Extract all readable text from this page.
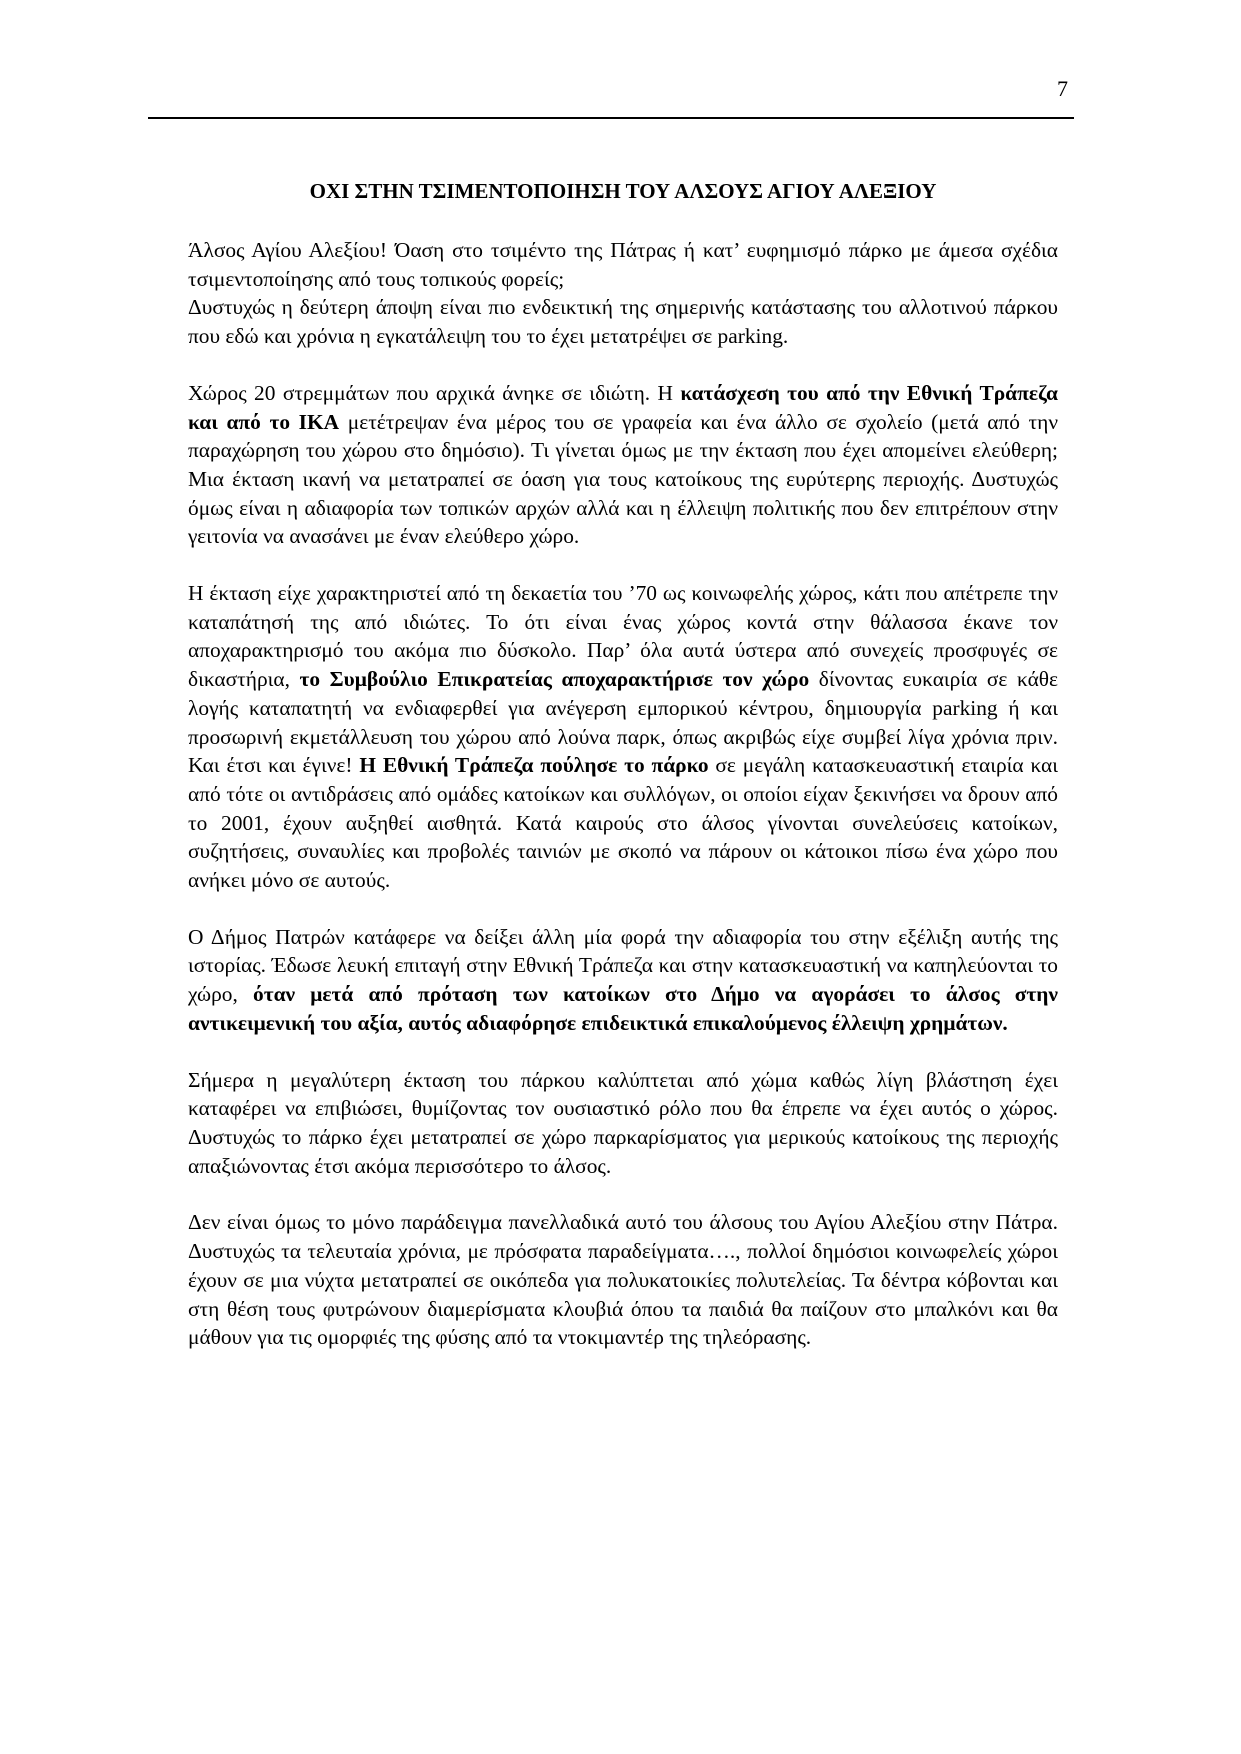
7
ΟΧΙ ΣΤΗΝ ΤΣΙΜΕΝΤΟΠΟΙΗΣΗ ΤΟΥ ΑΛΣΟΥΣ ΑΓΙΟΥ ΑΛΕΞΙΟΥ

Άλσος Αγίου Αλεξίου! Όαση στο τσιμέντο της Πάτρας ή κατ’ ευφημισμό πάρκο με άμεσα σχέδια τσιμεντοποίησης από τους τοπικούς φορείς;

Δυστυχώς η δεύτερη άποψη είναι πιο ενδεικτική της σημερινής κατάστασης του αλλοτινού πάρκου που εδώ και χρόνια η εγκατάλειψη του το έχει μετατρέψει σε parking.

Χώρος 20 στρεμμάτων που αρχικά άνηκε σε ιδιώτη. Η κατάσχεση του από την Εθνική Τράπεζα και από το ΙΚΑ μετέτρεψαν ένα μέρος του σε γραφεία και ένα άλλο σε σχολείο (μετά από την παραχώρηση του χώρου στο δημόσιο). Τι γίνεται όμως με την έκταση που έχει απομείνει ελεύθερη; Μια έκταση ικανή να μετατραπεί σε όαση για τους κατοίκους της ευρύτερης περιοχής. Δυστυχώς όμως είναι η αδιαφορία των τοπικών αρχών αλλά και η έλλειψη πολιτικής που δεν επιτρέπουν στην γειτονία να ανασάνει με έναν ελεύθερο χώρο.

Η έκταση είχε χαρακτηριστεί από τη δεκαετία του ’70 ως κοινωφελής χώρος, κάτι που απέτρεπε την καταπάτησή της από ιδιώτες. Το ότι είναι ένας χώρος κοντά στην θάλασσα έκανε τον αποχαρακτηρισμό του ακόμα πιο δύσκολο. Παρ’ όλα αυτά ύστερα από συνεχείς προσφυγές σε δικαστήρια, το Συμβούλιο Επικρατείας αποχαρακτήρισε τον χώρο δίνοντας ευκαιρία σε κάθε λογής καταπατητή να ενδιαφερθεί για ανέγερση εμπορικού κέντρου, δημιουργία parking ή και προσωρινή εκμετάλλευση του χώρου από λούνα παρκ, όπως ακριβώς είχε συμβεί λίγα χρόνια πριν. Και έτσι και έγινε! Η Εθνική Τράπεζα πούλησε το πάρκο σε μεγάλη κατασκευαστική εταιρία και από τότε οι αντιδράσεις από ομάδες κατοίκων και συλλόγων, οι οποίοι είχαν ξεκινήσει να δρουν από το 2001, έχουν αυξηθεί αισθητά. Κατά καιρούς στο άλσος γίνονται συνελεύσεις κατοίκων, συζητήσεις, συναυλίες και προβολές ταινιών με σκοπό να πάρουν οι κάτοικοι πίσω ένα χώρο που ανήκει μόνο σε αυτούς.

Ο Δήμος Πατρών κατάφερε να δείξει άλλη μία φορά την αδιαφορία του στην εξέλιξη αυτής της ιστορίας. Έδωσε λευκή επιταγή στην Εθνική Τράπεζα και στην κατασκευαστική να καπηλεύονται το χώρο, όταν μετά από πρόταση των κατοίκων στο Δήμο να αγοράσει το άλσος στην αντικειμενική του αξία, αυτός αδιαφόρησε επιδεικτικά επικαλούμενος έλλειψη χρημάτων.

Σήμερα η μεγαλύτερη έκταση του πάρκου καλύπτεται από χώμα καθώς λίγη βλάστηση έχει καταφέρει να επιβιώσει, θυμίζοντας τον ουσιαστικό ρόλο που θα έπρεπε να έχει αυτός ο χώρος. Δυστυχώς το πάρκο έχει μετατραπεί σε χώρο παρκαρίσματος για μερικούς κατοίκους της περιοχής απαξιώνοντας έτσι ακόμα περισσότερο το άλσος.

Δεν είναι όμως το μόνο παράδειγμα πανελλαδικά αυτό του άλσους του Αγίου Αλεξίου στην Πάτρα. Δυστυχώς τα τελευταία χρόνια, με πρόσφατα παραδείγματα…., πολλοί δημόσιοι κοινωφελείς χώροι έχουν σε μια νύχτα μετατραπεί σε οικόπεδα για πολυκατοικίες πολυτελείας. Τα δέντρα κόβονται και στη θέση τους φυτρώνουν διαμερίσματα κλουβιά όπου τα παιδιά θα παίζουν στο μπαλκόνι και θα μάθουν για τις ομορφιές της φύσης από τα ντοκιμαντέρ της τηλεόρασης.
